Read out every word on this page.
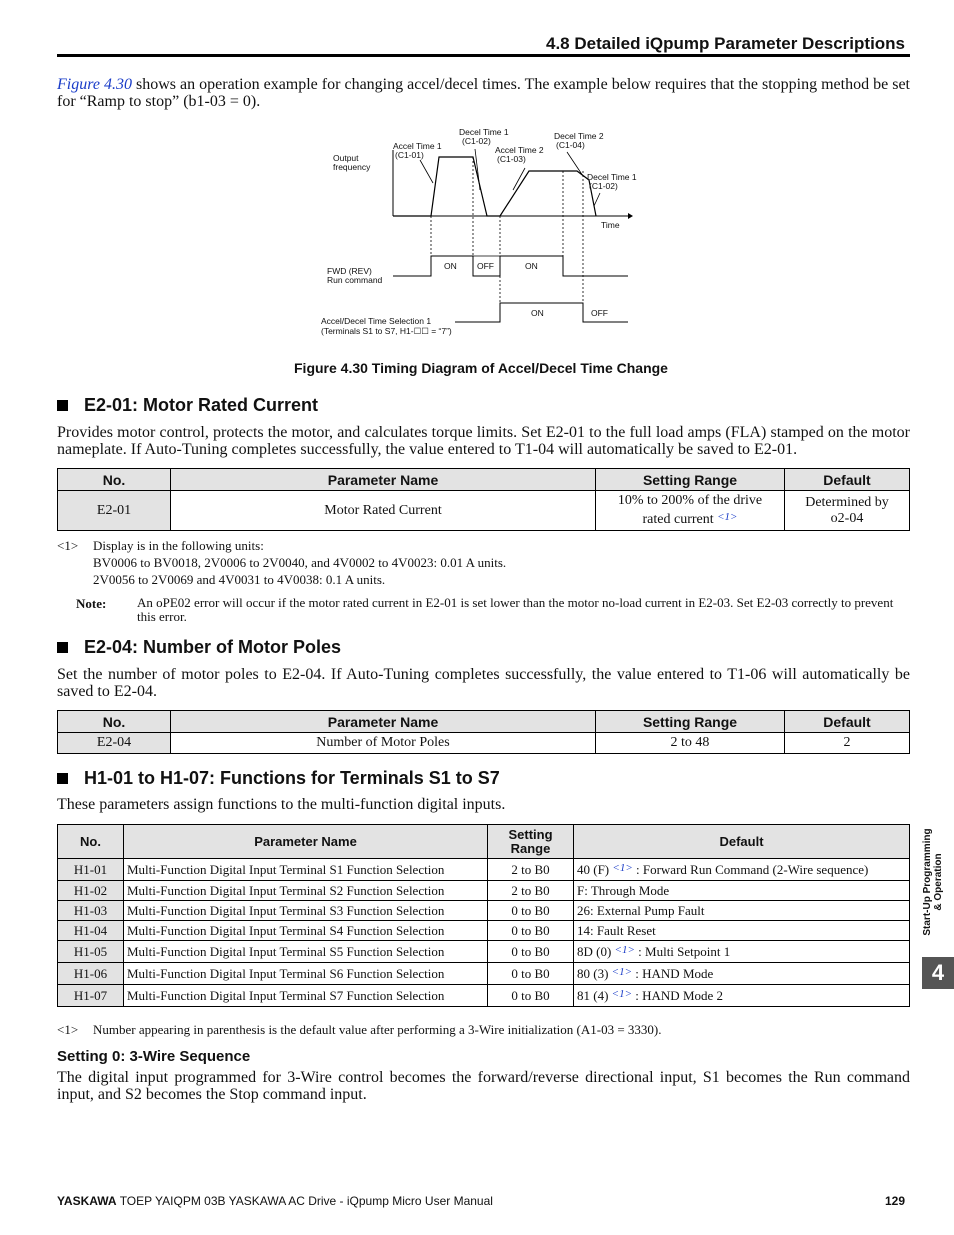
4.8 Detailed iQpump Parameter Descriptions
Figure 4.30 shows an operation example for changing accel/decel times. The example below requires that the stopping method be set for “Ramp to stop” (b1-03 = 0).
Output
frequency
Accel Time 1
(C1-01)
Decel Time 1
(C1-02)
Accel Time 2
(C1-03)
Decel Time 2
(C1-04)
Decel Time 1
(C1-02)
Time
FWD (REV)
Run command
ON OFF	ON
Accel/Decel Time Selection 1
(Terminals S1 to S7, H1-☐☐ = “7”)
ON	OFF
Figure 4.30 Timing Diagram of Accel/Decel Time Change
E2-01: Motor Rated Current
Provides motor control, protects the motor, and calculates torque limits. Set E2-01 to the full load amps (FLA) stamped on the motor nameplate. If Auto-Tuning completes successfully, the value entered to T1-04 will automatically be saved to E2-01.
No.	Parameter Name	Setting Range	Default
E2-01	Motor Rated Current	10% to 200% of the drive
rated current $^{<1>}$	Determined by
o2-04
<1> Display is in the following units:
BV0006 to BV0018, 2V0006 to 2V0040, and 4V0002 to 4V0023: 0.01 A units.
2V0056 to 2V0069 and 4V0031 to 4V0038: 0.1 A units.
Note: An oPE02 error will occur if the motor rated current in E2-01 is set lower than the motor no-load current in E2-03. Set E2-03 correctly to prevent this error.
E2-04: Number of Motor Poles
Set the number of motor poles to E2-04. If Auto-Tuning completes successfully, the value entered to T1-06 will automatically be saved to E2-04.
No.	Parameter Name	Setting Range	Default
E2-04	Number of Motor Poles	2 to 48	2
H1-01 to H1-07: Functions for Terminals S1 to S7
These parameters assign functions to the multi-function digital inputs.
No.	Parameter Name	Setting
Range	Default
H1-01	Multi-Function Digital Input Terminal S1 Function Selection	2 to B0	40 (F) $^{<1>}$ : Forward Run Command (2-Wire sequence)
H1-02	Multi-Function Digital Input Terminal S2 Function Selection	2 to B0	F: Through Mode
H1-03	Multi-Function Digital Input Terminal S3 Function Selection	0 to B0	26: External Pump Fault
H1-04	Multi-Function Digital Input Terminal S4 Function Selection	0 to B0	14: Fault Reset
H1-05	Multi-Function Digital Input Terminal S5 Function Selection	0 to B0	8D (0) $^{<1>}$ : Multi Setpoint 1
H1-06	Multi-Function Digital Input Terminal S6 Function Selection	0 to B0	80 (3) $^{<1>}$ : HAND Mode
H1-07	Multi-Function Digital Input Terminal S7 Function Selection	0 to B0	81 (4) $^{<1>}$ : HAND Mode 2
<1> Number appearing in parenthesis is the default value after performing a 3-Wire initialization (A1-03 = 3330).
Setting 0: 3-Wire Sequence
The digital input programmed for 3-Wire control becomes the forward/reverse directional input, S1 becomes the Run command input, and S2 becomes the Stop command input.
Start-Up Programming
& Operation
4
YASKAWA TOEP YAIQPM 03B YASKAWA AC Drive - iQpump Micro User Manual	129
